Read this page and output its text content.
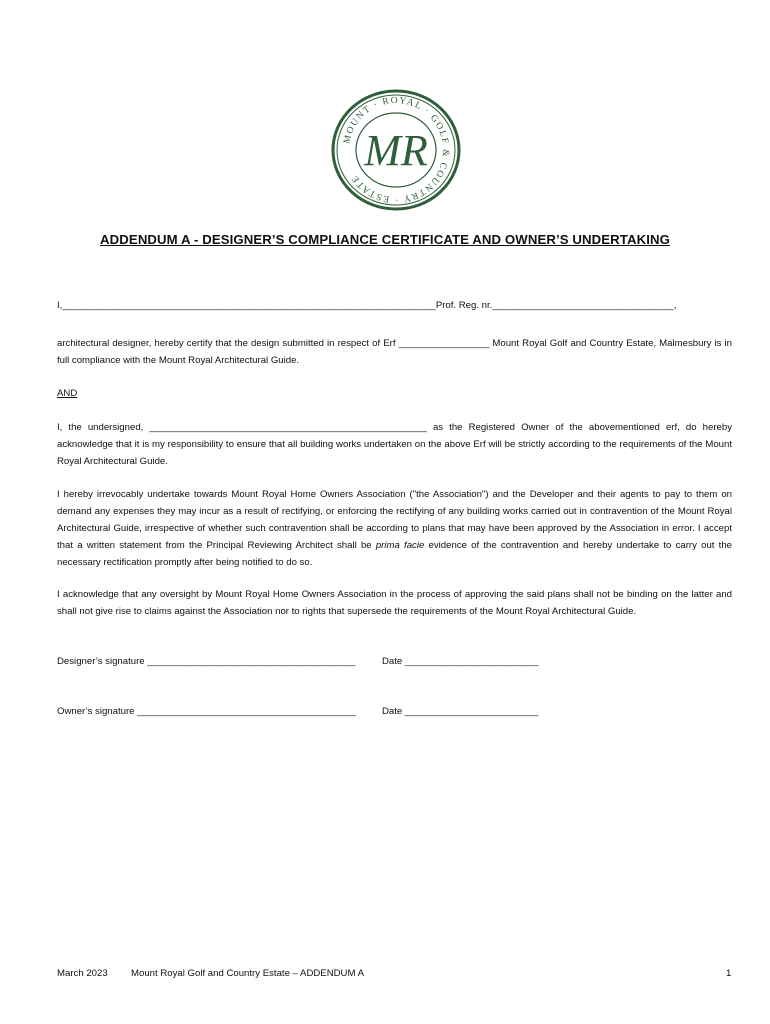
MOUNT · ROYAL · GOLF & COUNTRY · ESTATE
MR
ADDENDUM A - DESIGNER’S COMPLIANCE CERTIFICATE AND OWNER’S UNDERTAKING
I,______________________________________________________________________Prof. Reg. nr.__________________________________,
architectural designer, hereby certify that the design submitted in respect of Erf _________________ Mount Royal Golf and Country Estate, Malmesbury is in full compliance with the Mount Royal Architectural Guide.
AND
I, the undersigned, ____________________________________________________ as the Registered Owner of the abovementioned erf, do hereby acknowledge that it is my responsibility to ensure that all building works undertaken on the above Erf will be strictly according to the requirements of the Mount Royal Architectural Guide.
I hereby irrevocably undertake towards Mount Royal Home Owners Association ("the Association") and the Developer and their agents to pay to them on demand any expenses they may incur as a result of rectifying, or enforcing the rectifying of any building works carried out in contravention of the Mount Royal Architectural Guide, irrespective of whether such contravention shall be according to plans that may have been approved by the Association in error. I accept that a written statement from the Principal Reviewing Architect shall be prima facie evidence of the contravention and hereby undertake to carry out the necessary rectification promptly after being notified to do so.
I acknowledge that any oversight by Mount Royal Home Owners Association in the process of approving the said plans shall not be binding on the latter and shall not give rise to claims against the Association nor to rights that supersede the requirements of the Mount Royal Architectural Guide.
Designer’s signature _______________________________________	Date _________________________
Owner’s signature _________________________________________	Date _________________________
March 2023 Mount Royal Golf and Country Estate – ADDENDUM A	1
